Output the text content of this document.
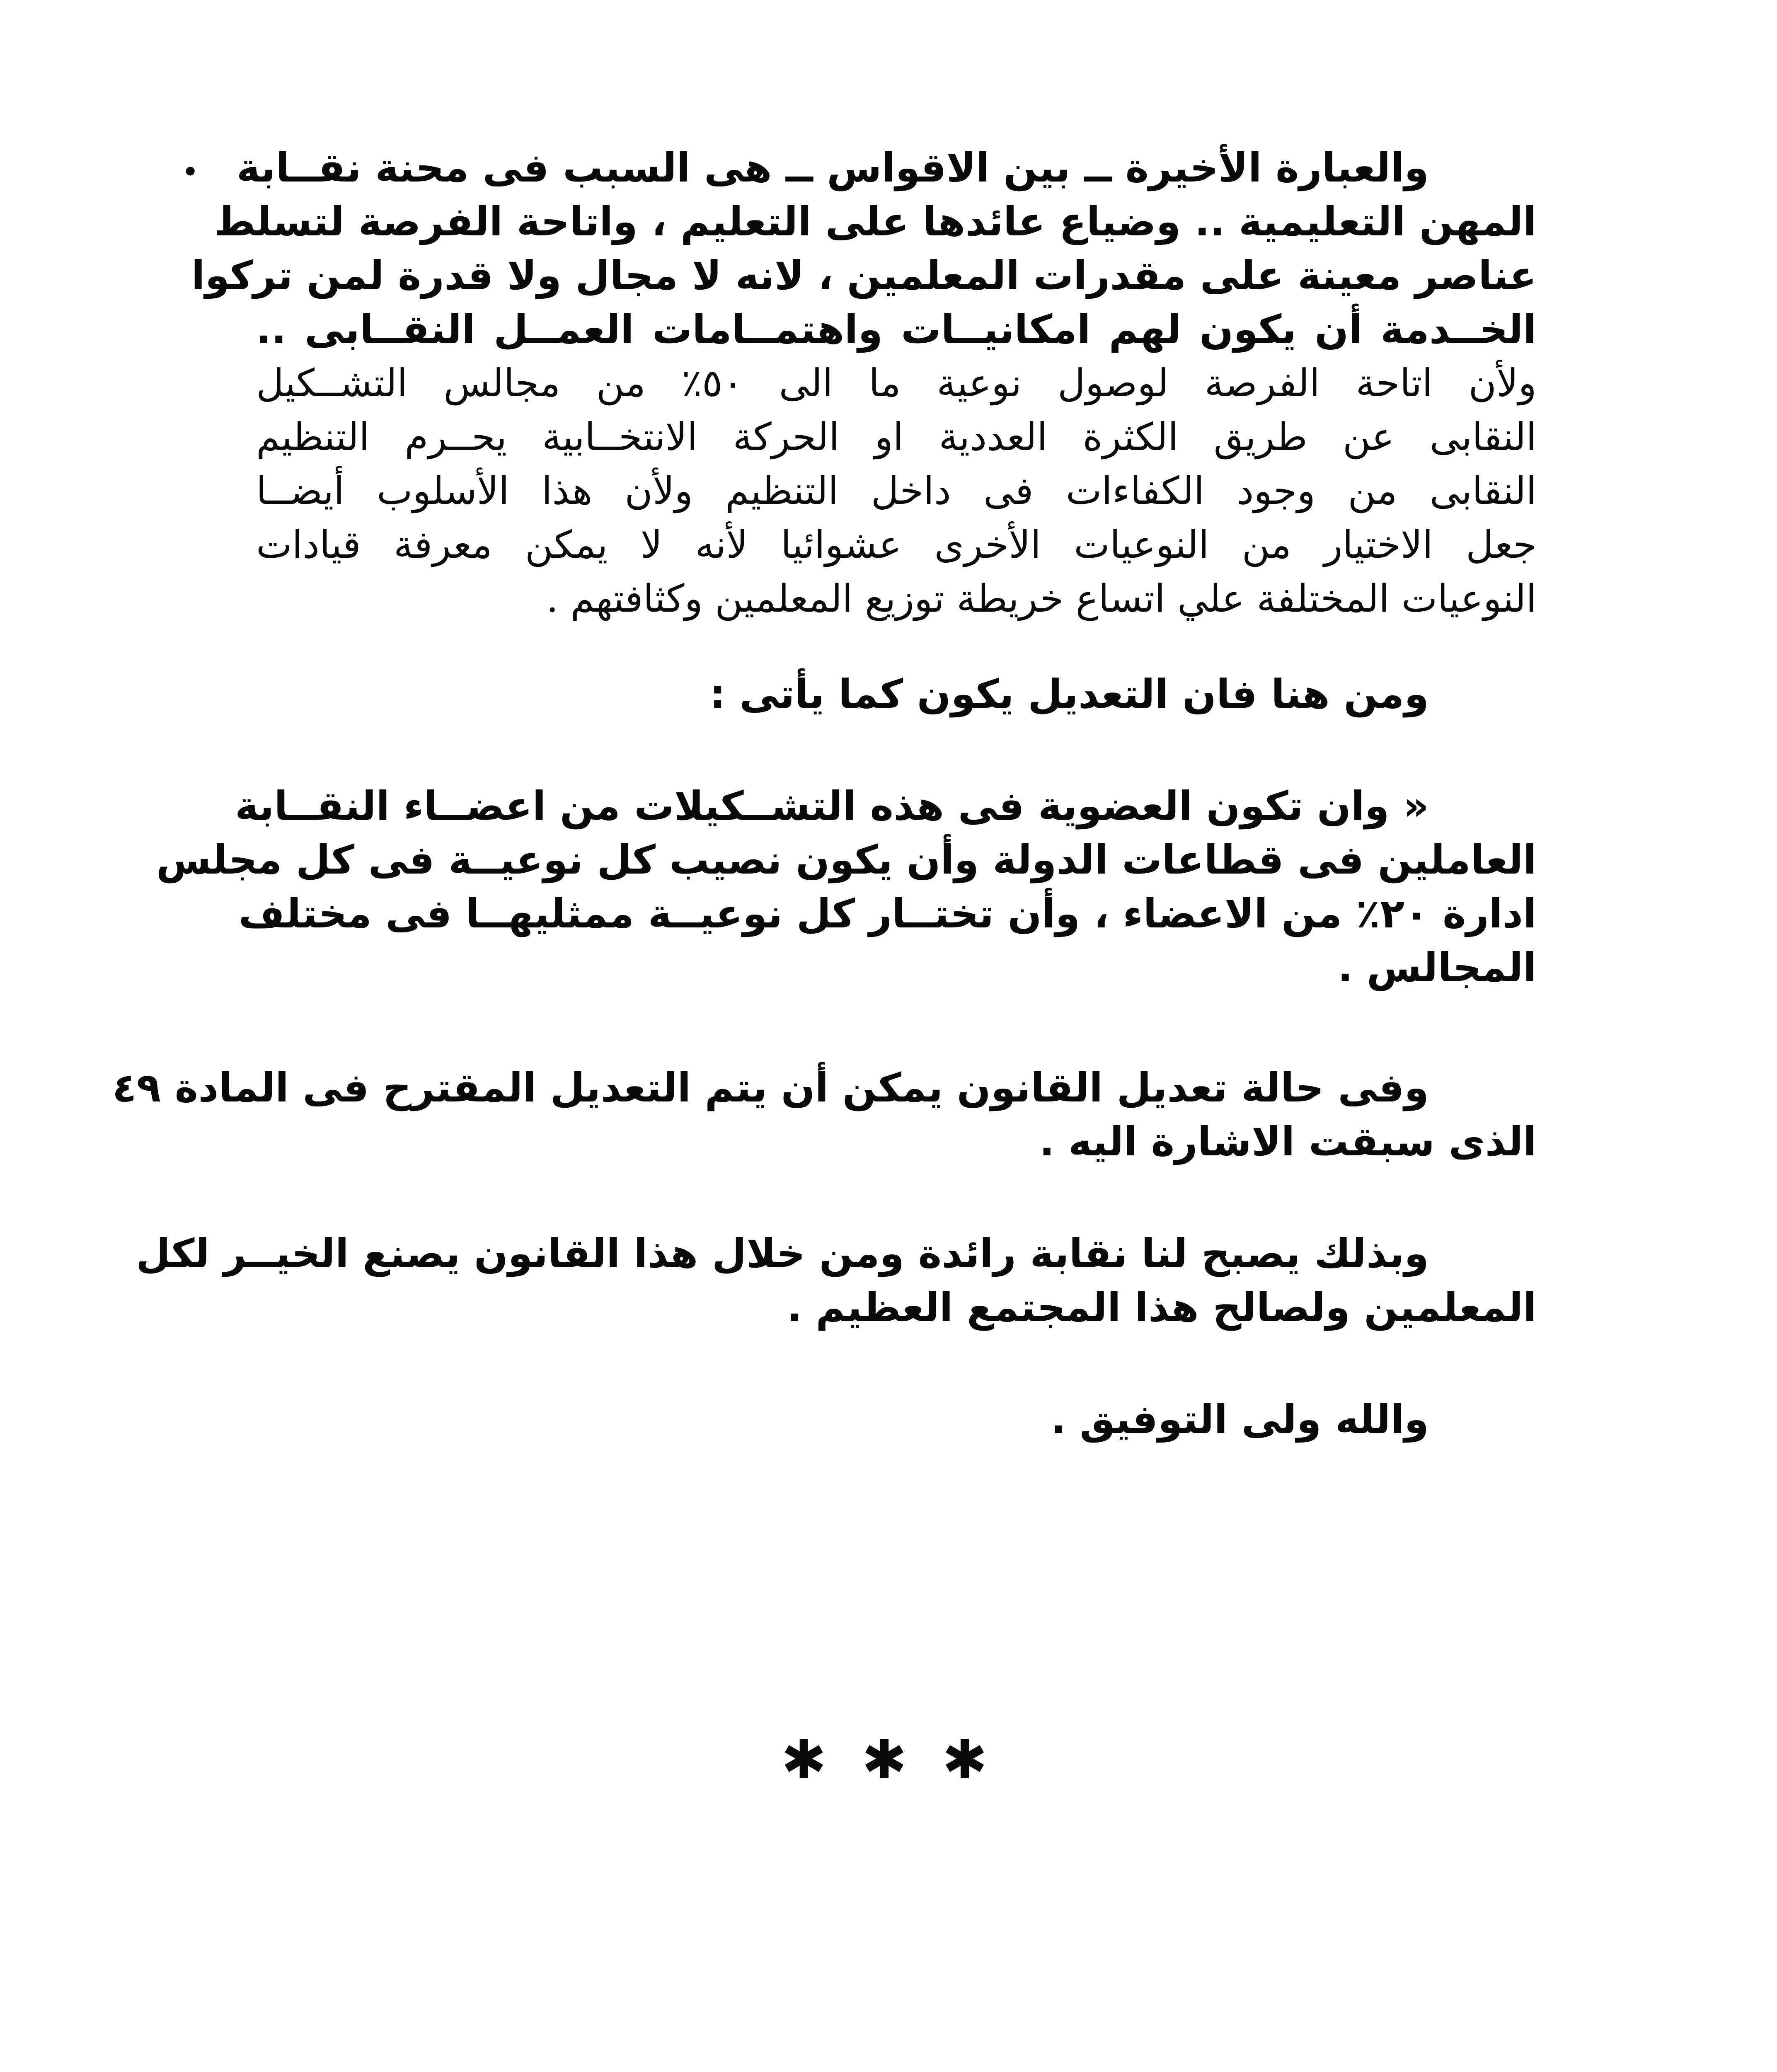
• والعبارة الأخيرة ــ بين الاقواس ــ هى السبب فى محنة نقــابة
المهن التعليمية .. وضياع عائدها على التعليم ، واتاحة الفرصة لتسلط
عناصر معينة على مقدرات المعلمين ، لانه لا مجال ولا قدرة لمن تركوا
الخــدمة أن يكون لهم امكانيــات واهتمــامات العمــل النقــابى ..
ولأن اتاحة الفرصة لوصول نوعية ما الى ٥٠٪ من مجالس التشــكيل
النقابى عن طريق الكثرة العددية او الحركة الانتخــابية يحــرم التنظيم
النقابى من وجود الكفاءات فى داخل التنظيم ولأن هذا الأسلوب أيضــا
جعل الاختيار من النوعيات الأخرى عشوائيا لأنه لا يمكن معرفة قيادات
النوعيات المختلفة علي اتساع خريطة توزيع المعلمين وكثافتهم .
ومن هنا فان التعديل يكون كما يأتى :
« وان تكون العضوية فى هذه التشــكيلات من اعضــاء النقــابة
العاملين فى قطاعات الدولة وأن يكون نصيب كل نوعيــة فى كل مجلس
ادارة ٢٠٪ من الاعضاء ، وأن تختــار كل نوعيــة ممثليهــا فى مختلف
المجالس .
وفى حالة تعديل القانون يمكن أن يتم التعديل المقترح فى المادة ٤٩
الذى سبقت الاشارة اليه .
وبذلك يصبح لنا نقابة رائدة ومن خلال هذا القانون يصنع الخيــر لكل
المعلمين ولصالح هذا المجتمع العظيم .
والله ولى التوفيق .
✱ ✱ ✱
